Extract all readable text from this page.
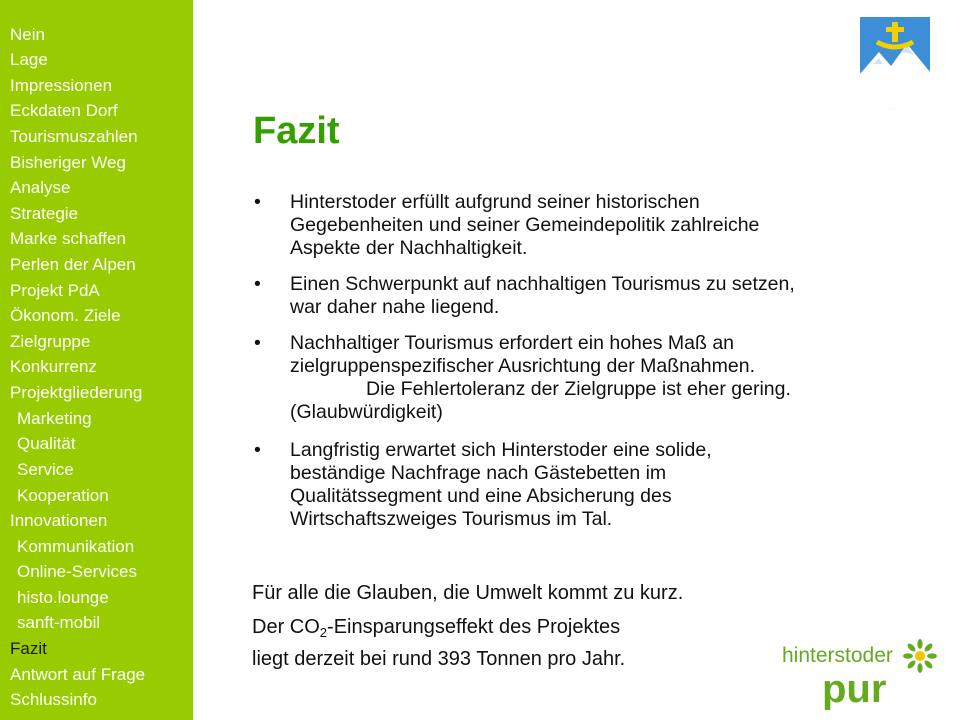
Nein
Lage
Impressionen
Eckdaten Dorf
Tourismuszahlen
Bisheriger Weg
Analyse
Strategie
Marke schaffen
Perlen der Alpen
Projekt PdA
Ökonom. Ziele
Zielgruppe
Konkurrenz
Projektgliederung
Marketing
Qualität
Service
Kooperation
Innovationen
Kommunikation
Online-Services
histo.lounge
sanft-mobil
Fazit
Antwort auf Frage
Schlussinfo
Fazit
• Hinterstoder erfüllt aufgrund seiner historischen
Gegebenheiten und seiner Gemeindepolitik zahlreiche
Aspekte der Nachhaltigkeit.
• Einen Schwerpunkt auf nachhaltigen Tourismus zu setzen,
war daher nahe liegend.
• Nachhaltiger Tourismus erfordert ein hohes Maß an
zielgruppenspezifischer Ausrichtung der Maßnahmen.
Die Fehlertoleranz der Zielgruppe ist eher gering.
(Glaubwürdigkeit)
• Langfristig erwartet sich Hinterstoder eine solide,
beständige Nachfrage nach Gästebetten im
Qualitätssegment und eine Absicherung des
Wirtschaftszweiges Tourismus im Tal.
Für alle die Glauben, die Umwelt kommt zu kurz.
Der $CO_2$-Einsparungseffekt des Projektes
liegt derzeit bei rund 393 Tonnen pro Jahr.	hinterstoder
pur
